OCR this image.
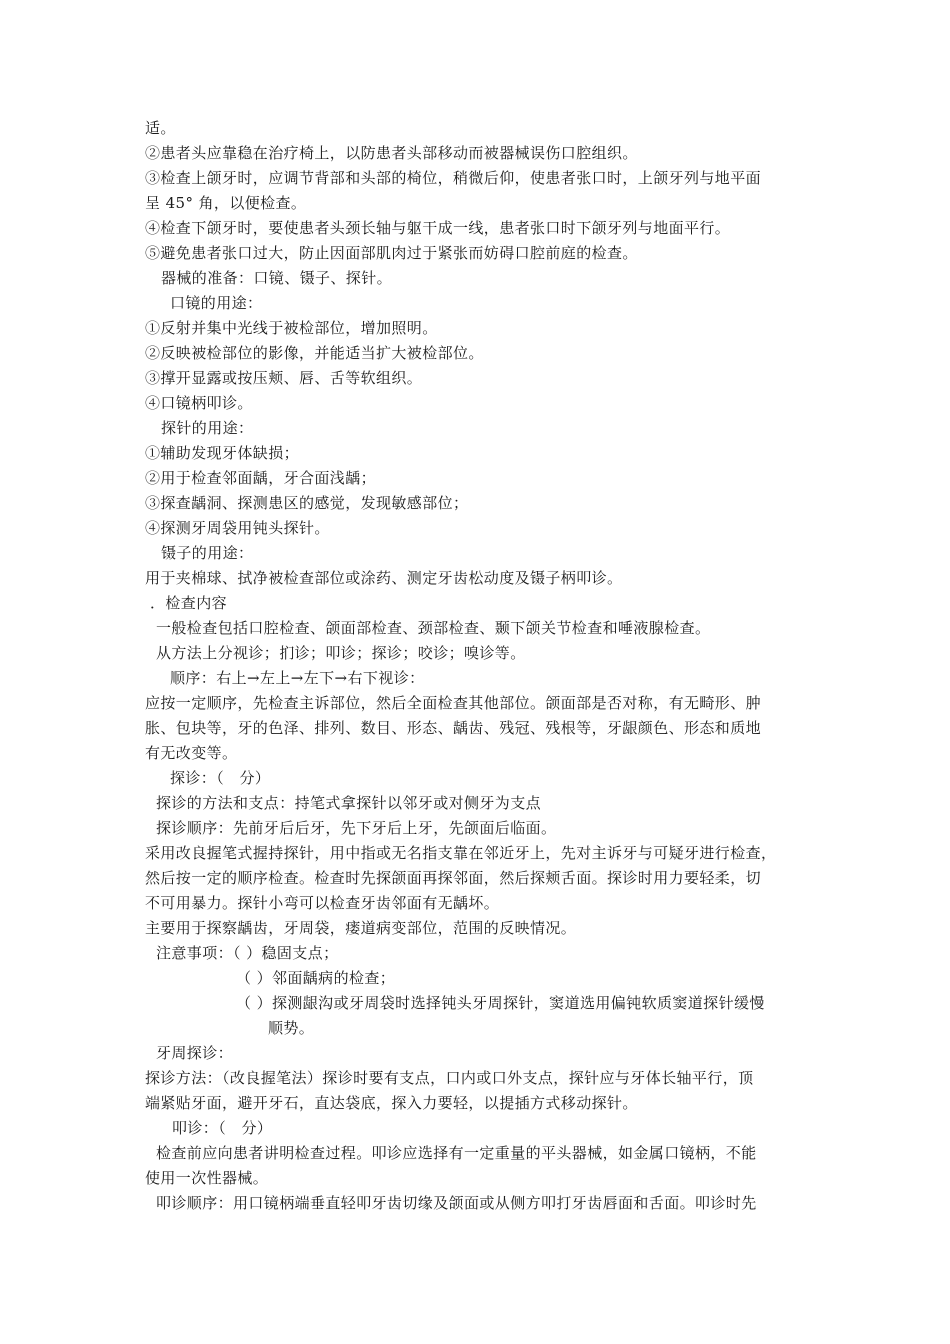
适。
②患者头应靠稳在治疗椅上，以防患者头部移动而被器械误伤口腔组织。
③检查上颌牙时，应调节背部和头部的椅位，稍微后仰，使患者张口时，上颌牙列与地平面
呈 45° 角，以便检查。
④检查下颌牙时，要使患者头颈长轴与躯干成一线，患者张口时下颌牙列与地面平行。
⑤避免患者张口过大，防止因面部肌肉过于紧张而妨碍口腔前庭的检查。
器械的准备：口镜、镊子、探针。
口镜的用途：
①反射并集中光线于被检部位，增加照明。
②反映被检部位的影像，并能适当扩大被检部位。
③撑开显露或按压颊、唇、舌等软组织。
④口镜柄叩诊。
探针的用途：
①辅助发现牙体缺损；
②用于检查邻面龋，牙合面浅龋；
③探查龋洞、探测患区的感觉，发现敏感部位；
④探测牙周袋用钝头探针。
镊子的用途：
用于夹棉球、拭净被检查部位或涂药、测定牙齿松动度及镊子柄叩诊。
．检查内容
一般检查包括口腔检查、颌面部检查、颈部检查、颞下颌关节检查和唾液腺检查。
从方法上分视诊；扪诊；叩诊；探诊；咬诊；嗅诊等。
顺序：右上→左上→左下→右下视诊：
应按一定顺序，先检查主诉部位，然后全面检查其他部位。颌面部是否对称，有无畸形、肿
胀、包块等，牙的色泽、排列、数目、形态、龋齿、残冠、残根等，牙龈颜色、形态和质地
有无改变等。
探诊：（　分）
探诊的方法和支点：持笔式拿探针以邻牙或对侧牙为支点
探诊顺序：先前牙后后牙，先下牙后上牙，先颌面后临面。
采用改良握笔式握持探针，用中指或无名指支靠在邻近牙上，先对主诉牙与可疑牙进行检查，
然后按一定的顺序检查。检查时先探颌面再探邻面，然后探颊舌面。探诊时用力要轻柔，切
不可用暴力。探针小弯可以检查牙齿邻面有无龋坏。
主要用于探察龋齿，牙周袋，瘘道病变部位，范围的反映情况。
注意事项：（ ）稳固支点；
（ ）邻面龋病的检查；
（ ）探测龈沟或牙周袋时选择钝头牙周探针，窦道选用偏钝软质窦道探针缓慢
顺势。
牙周探诊：
探诊方法：（改良握笔法）探诊时要有支点，口内或口外支点，探针应与牙体长轴平行，顶
端紧贴牙面，避开牙石，直达袋底，探入力要轻，以提插方式移动探针。
叩诊：（　分）
检查前应向患者讲明检查过程。叩诊应选择有一定重量的平头器械，如金属口镜柄，不能
使用一次性器械。
叩诊顺序：用口镜柄端垂直轻叩牙齿切缘及颌面或从侧方叩打牙齿唇面和舌面。叩诊时先
